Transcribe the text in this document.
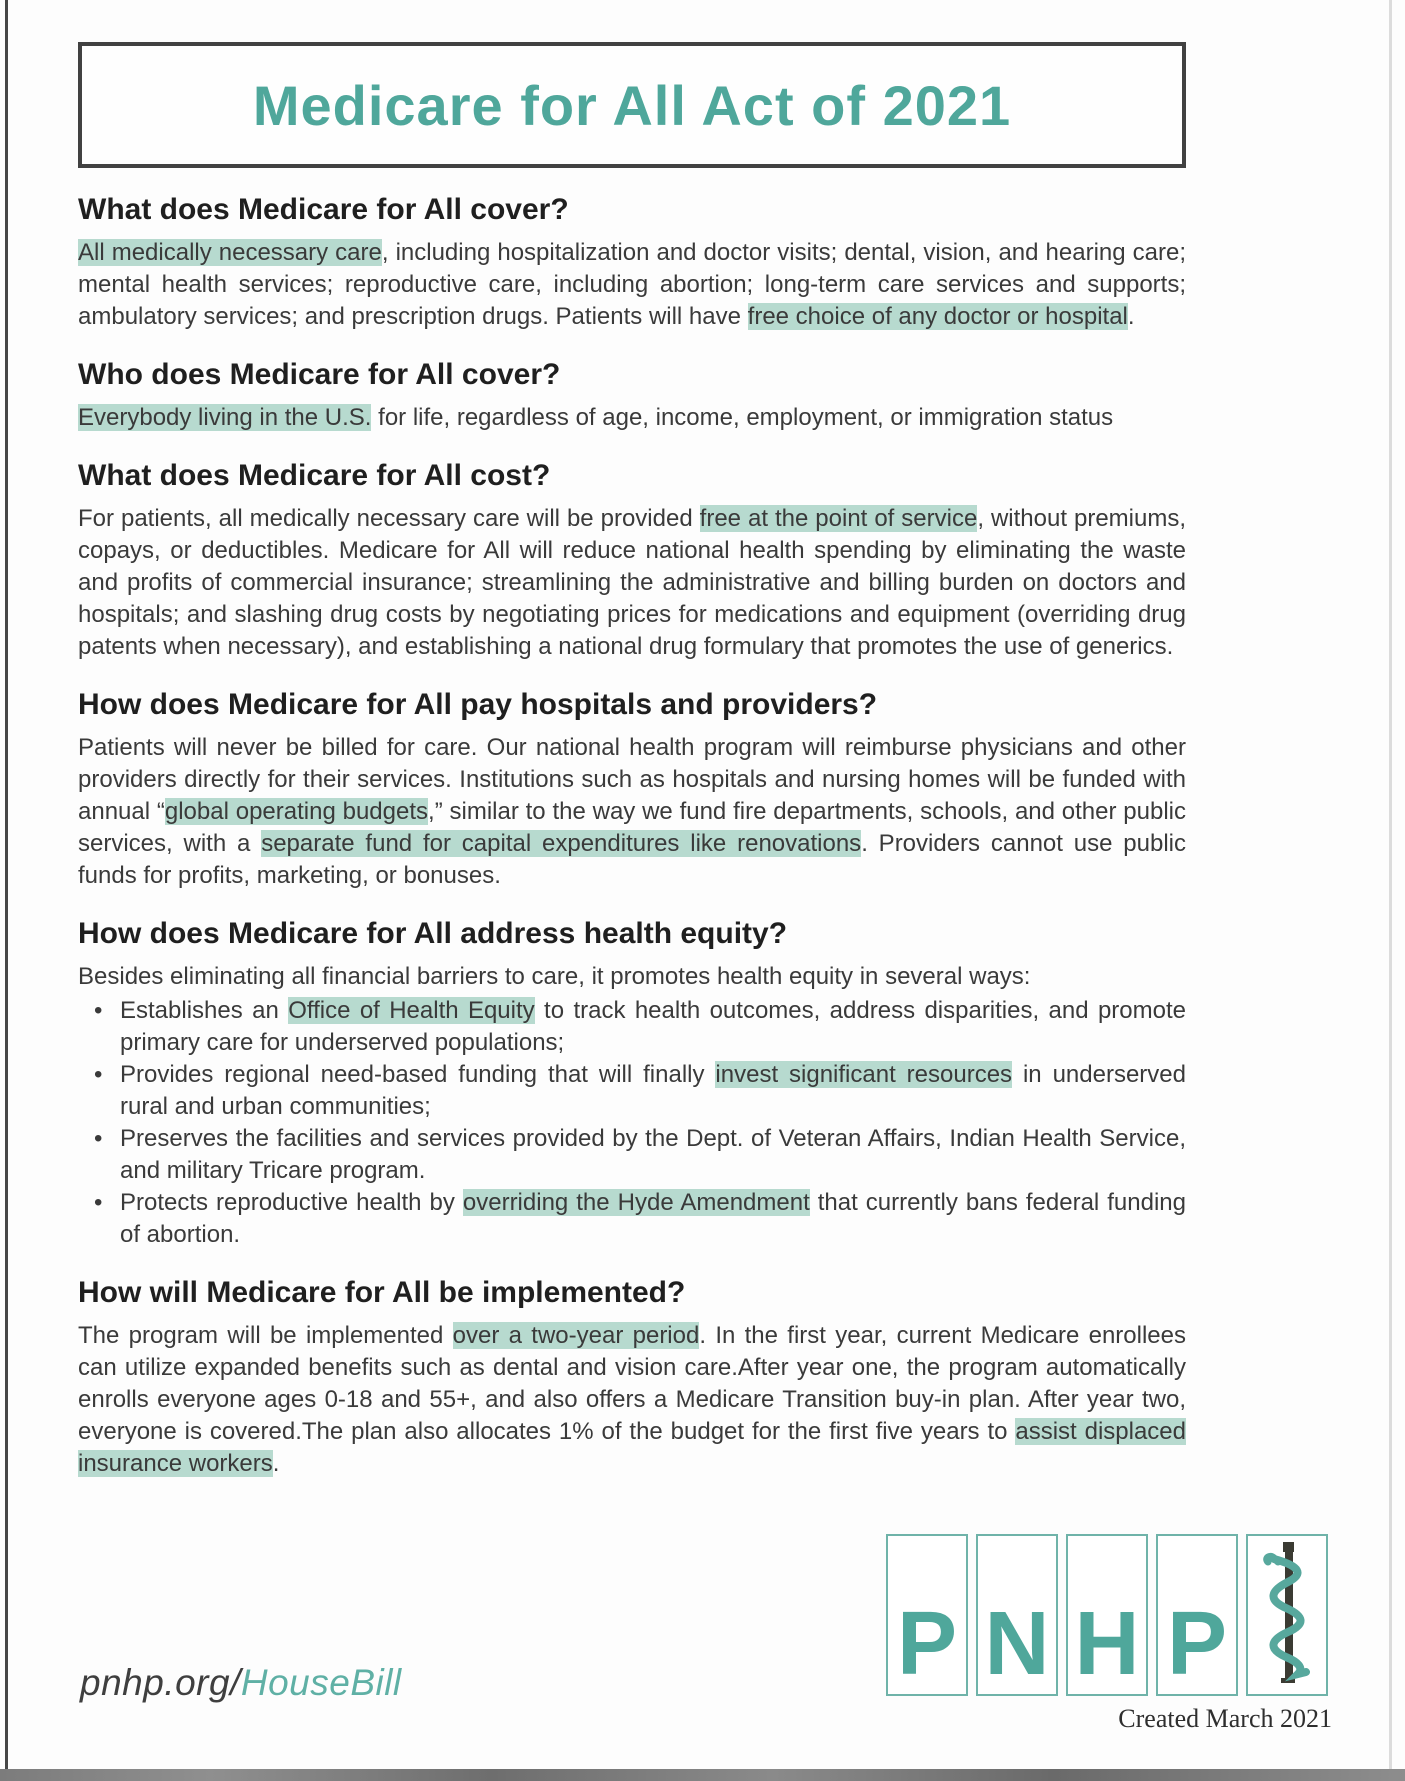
Medicare for All Act of 2021
What does Medicare for All cover?

All medically necessary care, including hospitalization and doctor visits; dental, vision, and hearing care; mental health services; reproductive care, including abortion; long-term care services and supports; ambulatory services; and prescription drugs. Patients will have free choice of any doctor or hospital.

Who does Medicare for All cover?

Everybody living in the U.S. for life, regardless of age, income, employment, or immigration status

What does Medicare for All cost?

For patients, all medically necessary care will be provided free at the point of service, without premiums, copays, or deductibles. Medicare for All will reduce national health spending by eliminating the waste and profits of commercial insurance; streamlining the administrative and billing burden on doctors and hospitals; and slashing drug costs by negotiating prices for medications and equipment (overriding drug patents when necessary), and establishing a national drug formulary that promotes the use of generics.

How does Medicare for All pay hospitals and providers?

Patients will never be billed for care. Our national health program will reimburse physicians and other providers directly for their services. Institutions such as hospitals and nursing homes will be funded with annual “global operating budgets,” similar to the way we fund fire departments, schools, and other public services, with a separate fund for capital expenditures like renovations. Providers cannot use public funds for profits, marketing, or bonuses.

How does Medicare for All address health equity?

Besides eliminating all financial barriers to care, it promotes health equity in several ways:

• Establishes an Office of Health Equity to track health outcomes, address disparities, and promote primary care for underserved populations;
• Provides regional need-based funding that will finally invest significant resources in underserved rural and urban communities;
• Preserves the facilities and services provided by the Dept. of Veteran Affairs, Indian Health Service, and military Tricare program.
• Protects reproductive health by overriding the Hyde Amendment that currently bans federal funding of abortion.
How will Medicare for All be implemented?

The program will be implemented over a two-year period. In the first year, current Medicare enrollees can utilize expanded benefits such as dental and vision care.After year one, the program automatically enrolls everyone ages 0-18 and 55+, and also offers a Medicare Transition buy-in plan. After year two, everyone is covered.The plan also allocates 1% of the budget for the first five years to assist displaced insurance workers.

pnhp.org/HouseBill	P N H P
Created March 2021
